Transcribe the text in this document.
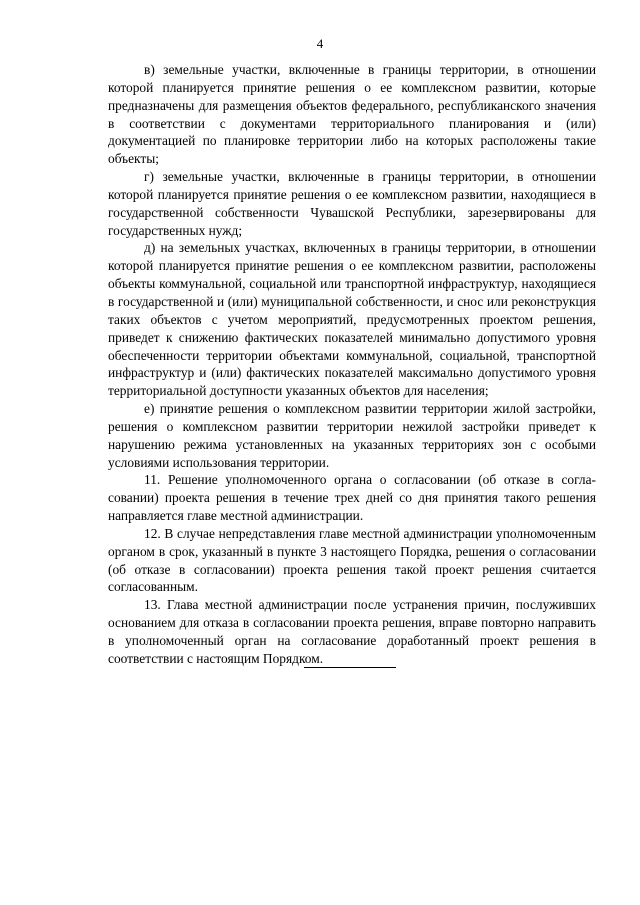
4

в) земельные участки, включенные в границы территории, в отношении которой планируется принятие решения о ее комплексном развитии, которые предназначены для размещения объектов федерального, республиканского значения в соответствии с документами территориального планирования и (или) документацией по планировке территории либо на которых расположены такие объекты;

г) земельные участки, включенные в границы территории, в отношении которой планируется принятие решения о ее комплексном развитии, находящиеся в государственной собственности Чувашской Республики, зарезервированы для государственных нужд;

д) на земельных участках, включенных в границы территории, в отношении которой планируется принятие решения о ее комплексном развитии, расположены объекты коммунальной, социальной или транспортной инфраструктур, находящиеся в государственной и (или) муниципальной собственности, и снос или реконструкция таких объектов с учетом мероприятий, предусмотренных проектом решения, приведет к снижению фактических показателей минимально допустимого уровня обеспеченности территории объектами коммунальной, социальной, транспортной инфраструктур и (или) фактических показателей максимально допустимого уровня территориальной доступности указанных объектов для населения;

е) принятие решения о комплексном развитии территории жилой застройки, решения о комплексном развитии территории нежилой застройки приведет к нарушению режима установленных на указанных территориях зон с особыми условиями использования территории.

11. Решение уполномоченного органа о согласовании (об отказе в согласовании) проекта решения в течение трех дней со дня принятия такого решения направляется главе местной администрации.

12. В случае непредставления главе местной администрации уполномоченным органом в срок, указанный в пункте 3 настоящего Порядка, решения о согласовании (об отказе в согласовании) проекта решения такой проект решения считается согласованным.

13. Глава местной администрации после устранения причин, послуживших основанием для отказа в согласовании проекта решения, вправе повторно направить в уполномоченный орган на согласование доработанный проект решения в соответствии с настоящим Порядком.
